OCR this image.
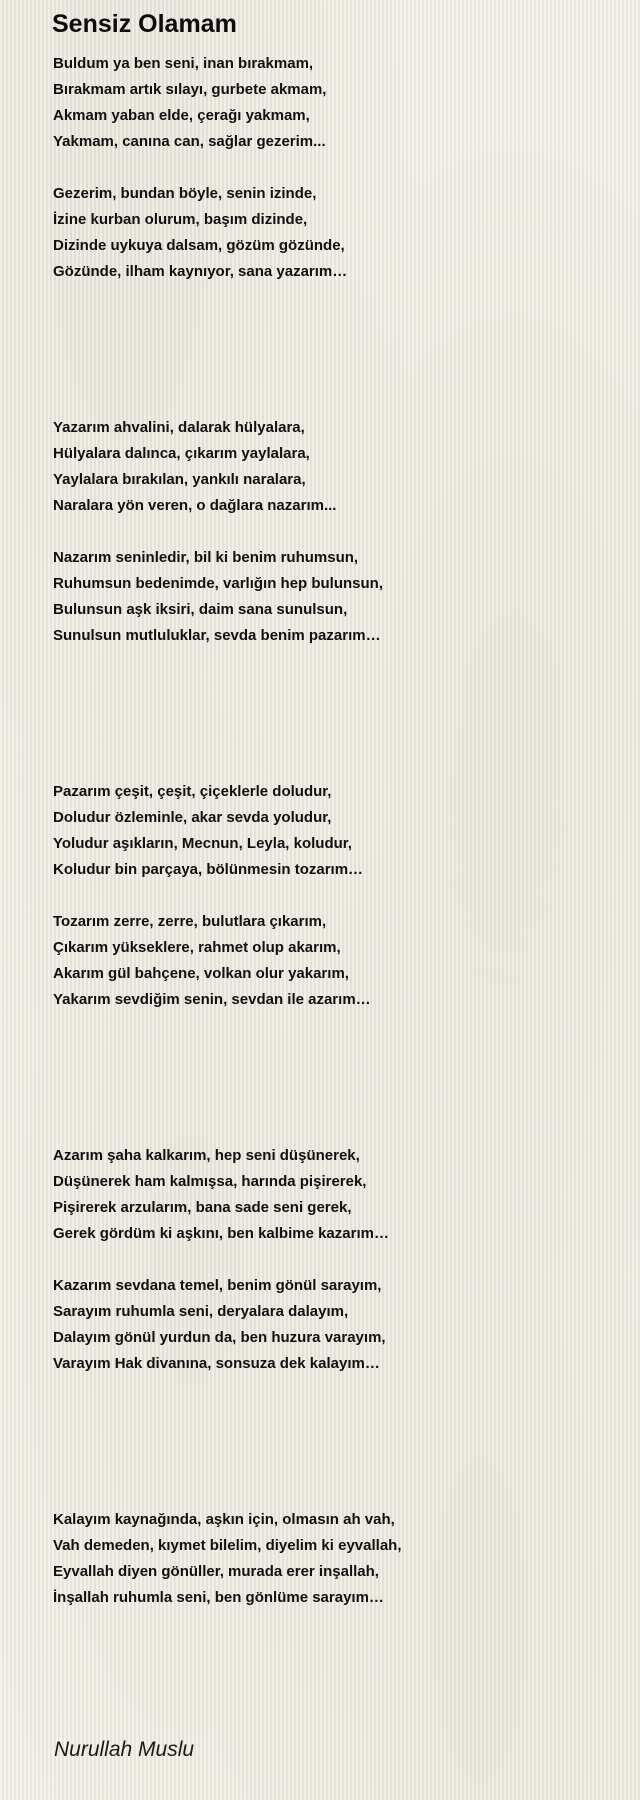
Sensiz Olamam
Buldum ya ben seni, inan bırakmam,
Bırakmam artık sılayı, gurbete akmam,
Akmam yaban elde, çerağı yakmam,
Yakmam, canına can, sağlar gezerim...
Gezerim, bundan böyle, senin izinde,
İzine kurban olurum, başım dizinde,
Dizinde uykuya dalsam, gözüm gözünde,
Gözünde, ilham kaynıyor, sana yazarım…
Yazarım ahvalini, dalarak hülyalara,
Hülyalara dalınca, çıkarım yaylalara,
Yaylalara bırakılan, yankılı naralara,
Naralara yön veren, o dağlara nazarım...
Nazarım seninledir, bil ki benim ruhumsun,
Ruhumsun bedenimde, varlığın hep bulunsun,
Bulunsun aşk iksiri, daim sana sunulsun,
Sunulsun mutluluklar, sevda benim pazarım…
Pazarım çeşit, çeşit, çiçeklerle doludur,
Doludur özleminle, akar sevda yoludur,
Yoludur aşıkların, Mecnun, Leyla, koludur,
Koludur bin parçaya, bölünmesin tozarım…
Tozarım zerre, zerre, bulutlara çıkarım,
Çıkarım yükseklere, rahmet olup akarım,
Akarım gül bahçene, volkan olur yakarım,
Yakarım sevdiğim senin, sevdan ile azarım…
Azarım şaha kalkarım, hep seni düşünerek,
Düşünerek ham kalmışsa, harında pişirerek,
Pişirerek arzularım, bana sade seni gerek,
Gerek gördüm ki aşkını, ben kalbime kazarım…
Kazarım sevdana temel, benim gönül sarayım,
Sarayım ruhumla seni, deryalara dalayım,
Dalayım gönül yurdun da, ben huzura varayım,
Varayım Hak divanına, sonsuza dek kalayım…
Kalayım kaynağında, aşkın için, olmasın ah vah,
Vah demeden, kıymet bilelim, diyelim ki eyvallah,
Eyvallah diyen gönüller, murada erer inşallah,
İnşallah ruhumla seni, ben gönlüme sarayım…
Nurullah Muslu
